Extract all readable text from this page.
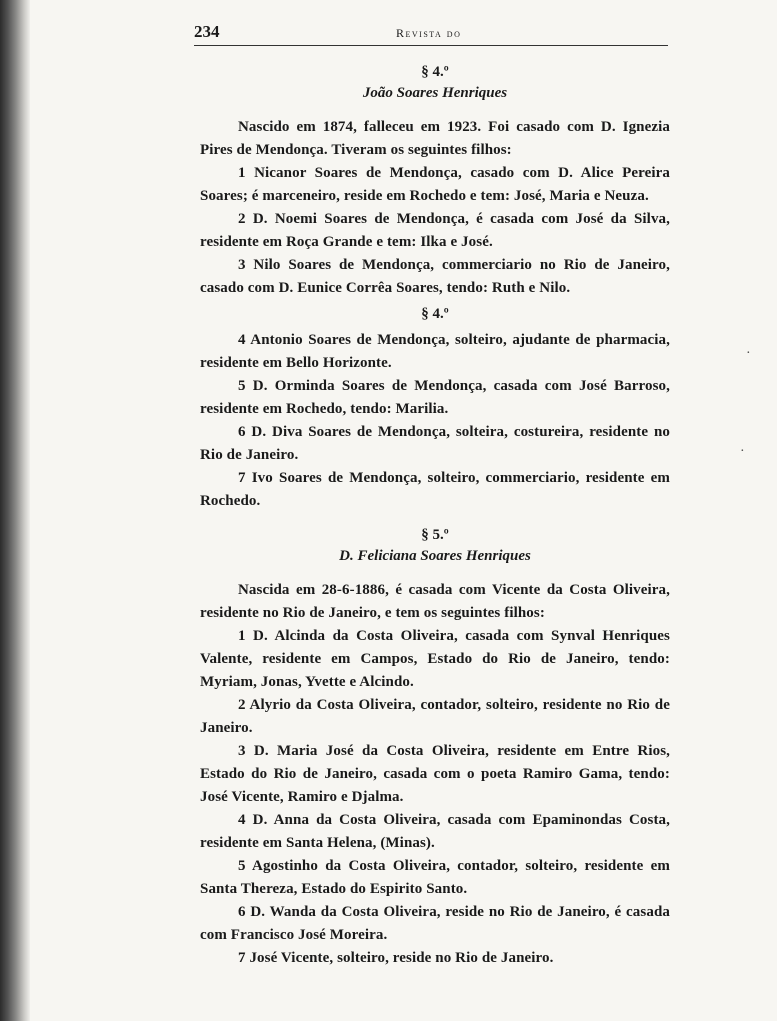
·
·
234	Revista do
§ 4.º
João Soares Henriques

Nascido em 1874, falleceu em 1923. Foi casado com D. Ignezia Pires de Mendonça. Tiveram os seguintes filhos:

1 Nicanor Soares de Mendonça, casado com D. Alice Pereira Soares; é marceneiro, reside em Rochedo e tem: José, Maria e Neuza.

2 D. Noemi Soares de Mendonça, é casada com José da Silva, residente em Roça Grande e tem: Ilka e José.

3 Nilo Soares de Mendonça, commerciario no Rio de Janeiro, casado com D. Eunice Corrêa Soares, tendo: Ruth e Nilo.

§ 4.º

4 Antonio Soares de Mendonça, solteiro, ajudante de pharmacia, residente em Bello Horizonte.

5 D. Orminda Soares de Mendonça, casada com José Barroso, residente em Rochedo, tendo: Marilia.

6 D. Diva Soares de Mendonça, solteira, costureira, residente no Rio de Janeiro.

7 Ivo Soares de Mendonça, solteiro, commerciario, residente em Rochedo.

§ 5.º
D. Feliciana Soares Henriques

Nascida em 28-6-1886, é casada com Vicente da Costa Oliveira, residente no Rio de Janeiro, e tem os seguintes filhos:

1 D. Alcinda da Costa Oliveira, casada com Synval Henriques Valente, residente em Campos, Estado do Rio de Janeiro, tendo: Myriam, Jonas, Yvette e Alcindo.

2 Alyrio da Costa Oliveira, contador, solteiro, residente no Rio de Janeiro.

3 D. Maria José da Costa Oliveira, residente em Entre Rios, Estado do Rio de Janeiro, casada com o poeta Ramiro Gama, tendo: José Vicente, Ramiro e Djalma.

4 D. Anna da Costa Oliveira, casada com Epaminondas Costa, residente em Santa Helena, (Minas).

5 Agostinho da Costa Oliveira, contador, solteiro, residente em Santa Thereza, Estado do Espirito Santo.

6 D. Wanda da Costa Oliveira, reside no Rio de Janeiro, é casada com Francisco José Moreira.

7 José Vicente, solteiro, reside no Rio de Janeiro.
